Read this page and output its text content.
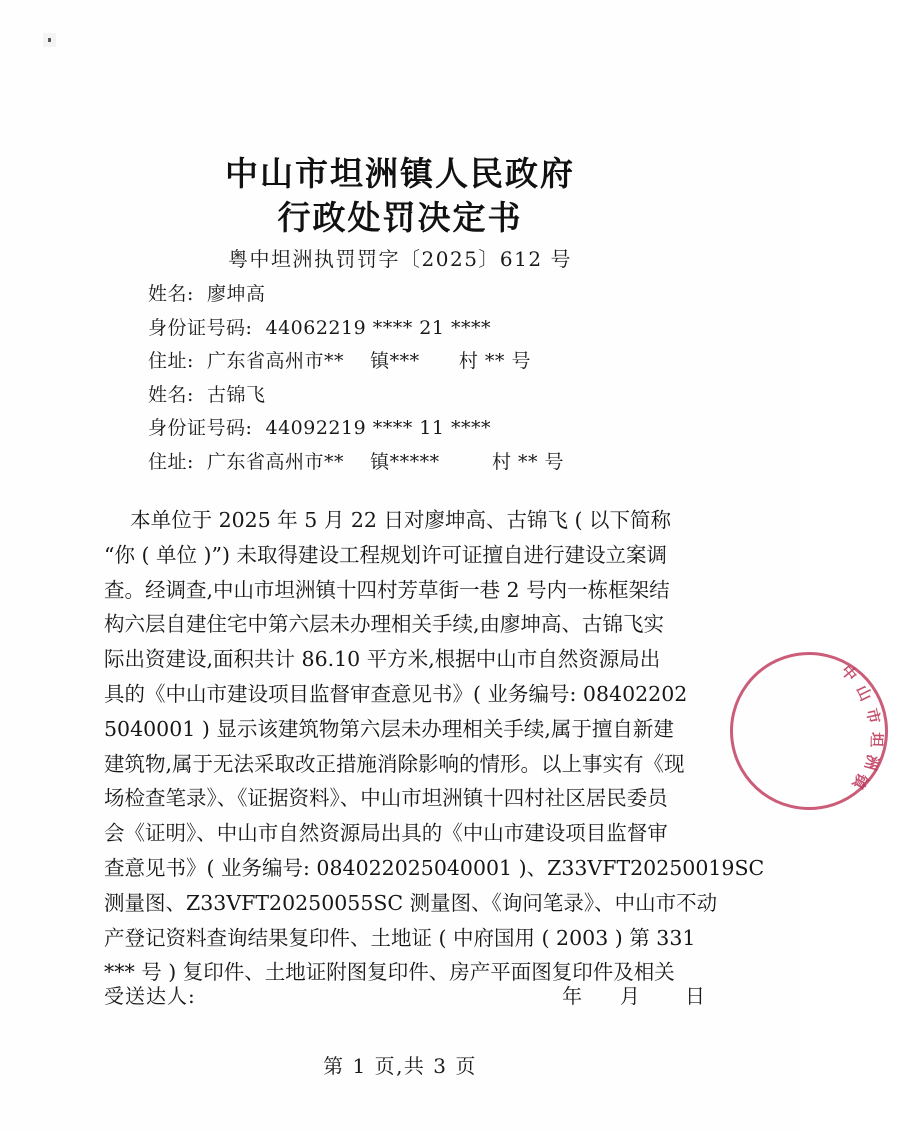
中山市坦洲镇人民政府
行政处罚决定书
粤中坦洲执罚罚字〔2025〕612 号
姓名:  廖坤高
身份证号码:  44062219 **** 21 ****
住址:  广东省高州市**    镇***      村 ** 号
姓名:  古锦飞
身份证号码:  44092219 **** 11 ****
住址:  广东省高州市**    镇*****        村 ** 号
本单位于 2025 年 5 月 22 日对廖坤高、古锦飞 ( 以下简称
“你 ( 单位 )”) 未取得建设工程规划许可证擅自进行建设立案调
查。经调查,中山市坦洲镇十四村芳草街一巷 2 号内一栋框架结
构六层自建住宅中第六层未办理相关手续,由廖坤高、古锦飞实
际出资建设,面积共计 86.10 平方米,根据中山市自然资源局出
具的《中山市建设项目监督审查意见书》( 业务编号: 08402202
5040001 ) 显示该建筑物第六层未办理相关手续,属于擅自新建
建筑物,属于无法采取改正措施消除影响的情形。以上事实有《现
场检查笔录》、《证据资料》、中山市坦洲镇十四村社区居民委员
会《证明》、中山市自然资源局出具的《中山市建设项目监督审
查意见书》( 业务编号: 084022025040001 )、Z33VFT20250019SC
测量图、Z33VFT20250055SC 测量图、《询问笔录》、中山市不动
产登记资料查询结果复印件、土地证 ( 中府国用 ( 2003 ) 第 331
*** 号 ) 复印件、土地证附图复印件、房产平面图复印件及相关
中
山
市
坦
洲
镇
受送达人:	年     月      日
第 1 页,共 3 页
